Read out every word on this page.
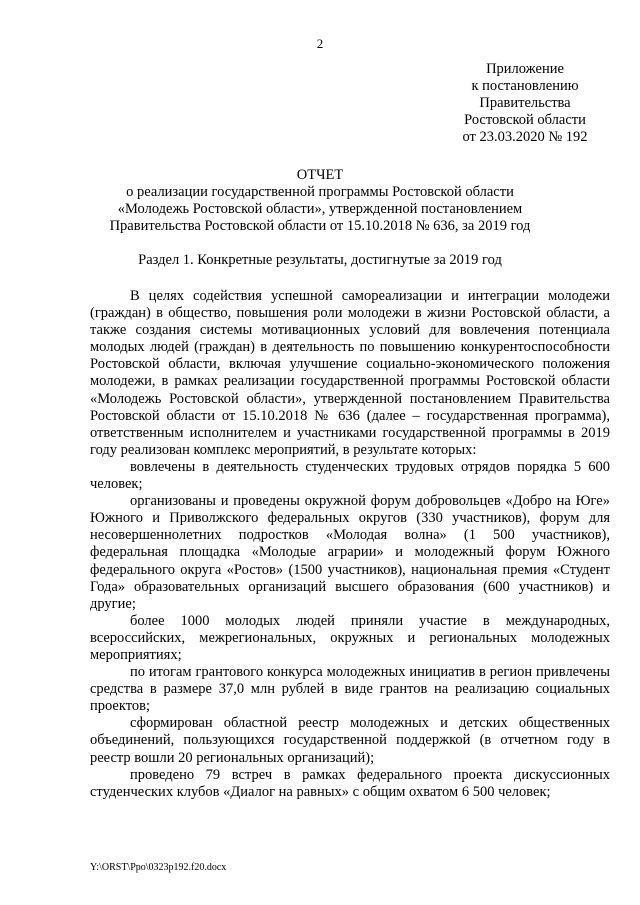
2
Приложение
к постановлению
Правительства
Ростовской области
от 23.03.2020 № 192
ОТЧЕТ
о реализации государственной программы Ростовской области
«Молодежь Ростовской области», утвержденной постановлением
Правительства Ростовской области от 15.10.2018 № 636, за 2019 год
Раздел 1. Конкретные результаты, достигнутые за 2019 год

В целях содействия успешной самореализации и интеграции молодежи (граждан) в общество, повышения роли молодежи в жизни Ростовской области, а также создания системы мотивационных условий для вовлечения потенциала молодых людей (граждан) в деятельность по повышению конкурентоспособности Ростовской области, включая улучшение социально-экономического положения молодежи, в рамках реализации государственной программы Ростовской области «Молодежь Ростовской области», утвержденной постановлением Правительства Ростовской области от 15.10.2018 № 636 (далее – государственная программа), ответственным исполнителем и участниками государственной программы в 2019 году реализован комплекс мероприятий, в результате которых:

вовлечены в деятельность студенческих трудовых отрядов порядка 5 600 человек;

организованы и проведены окружной форум добровольцев «Добро на Юге» Южного и Приволжского федеральных округов (330 участников), форум для несовершеннолетних подростков «Молодая волна» (1 500 участников), федеральная площадка «Молодые аграрии» и молодежный форум Южного федерального округа «Ростов» (1500 участников), национальная премия «Студент Года» образовательных организаций высшего образования (600 участников) и другие;

более 1000 молодых людей приняли участие в международных, всероссийских, межрегиональных, окружных и региональных молодежных мероприятиях;

по итогам грантового конкурса молодежных инициатив в регион привлечены средства в размере 37,0 млн рублей в виде грантов на реализацию социальных проектов;

сформирован областной реестр молодежных и детских общественных объединений, пользующихся государственной поддержкой (в отчетном году в реестр вошли 20 региональных организаций);

проведено 79 встреч в рамках федерального проекта дискуссионных студенческих клубов «Диалог на равных» с общим охватом 6 500 человек;

Y:\ORST\Ppo\0323p192.f20.docx
